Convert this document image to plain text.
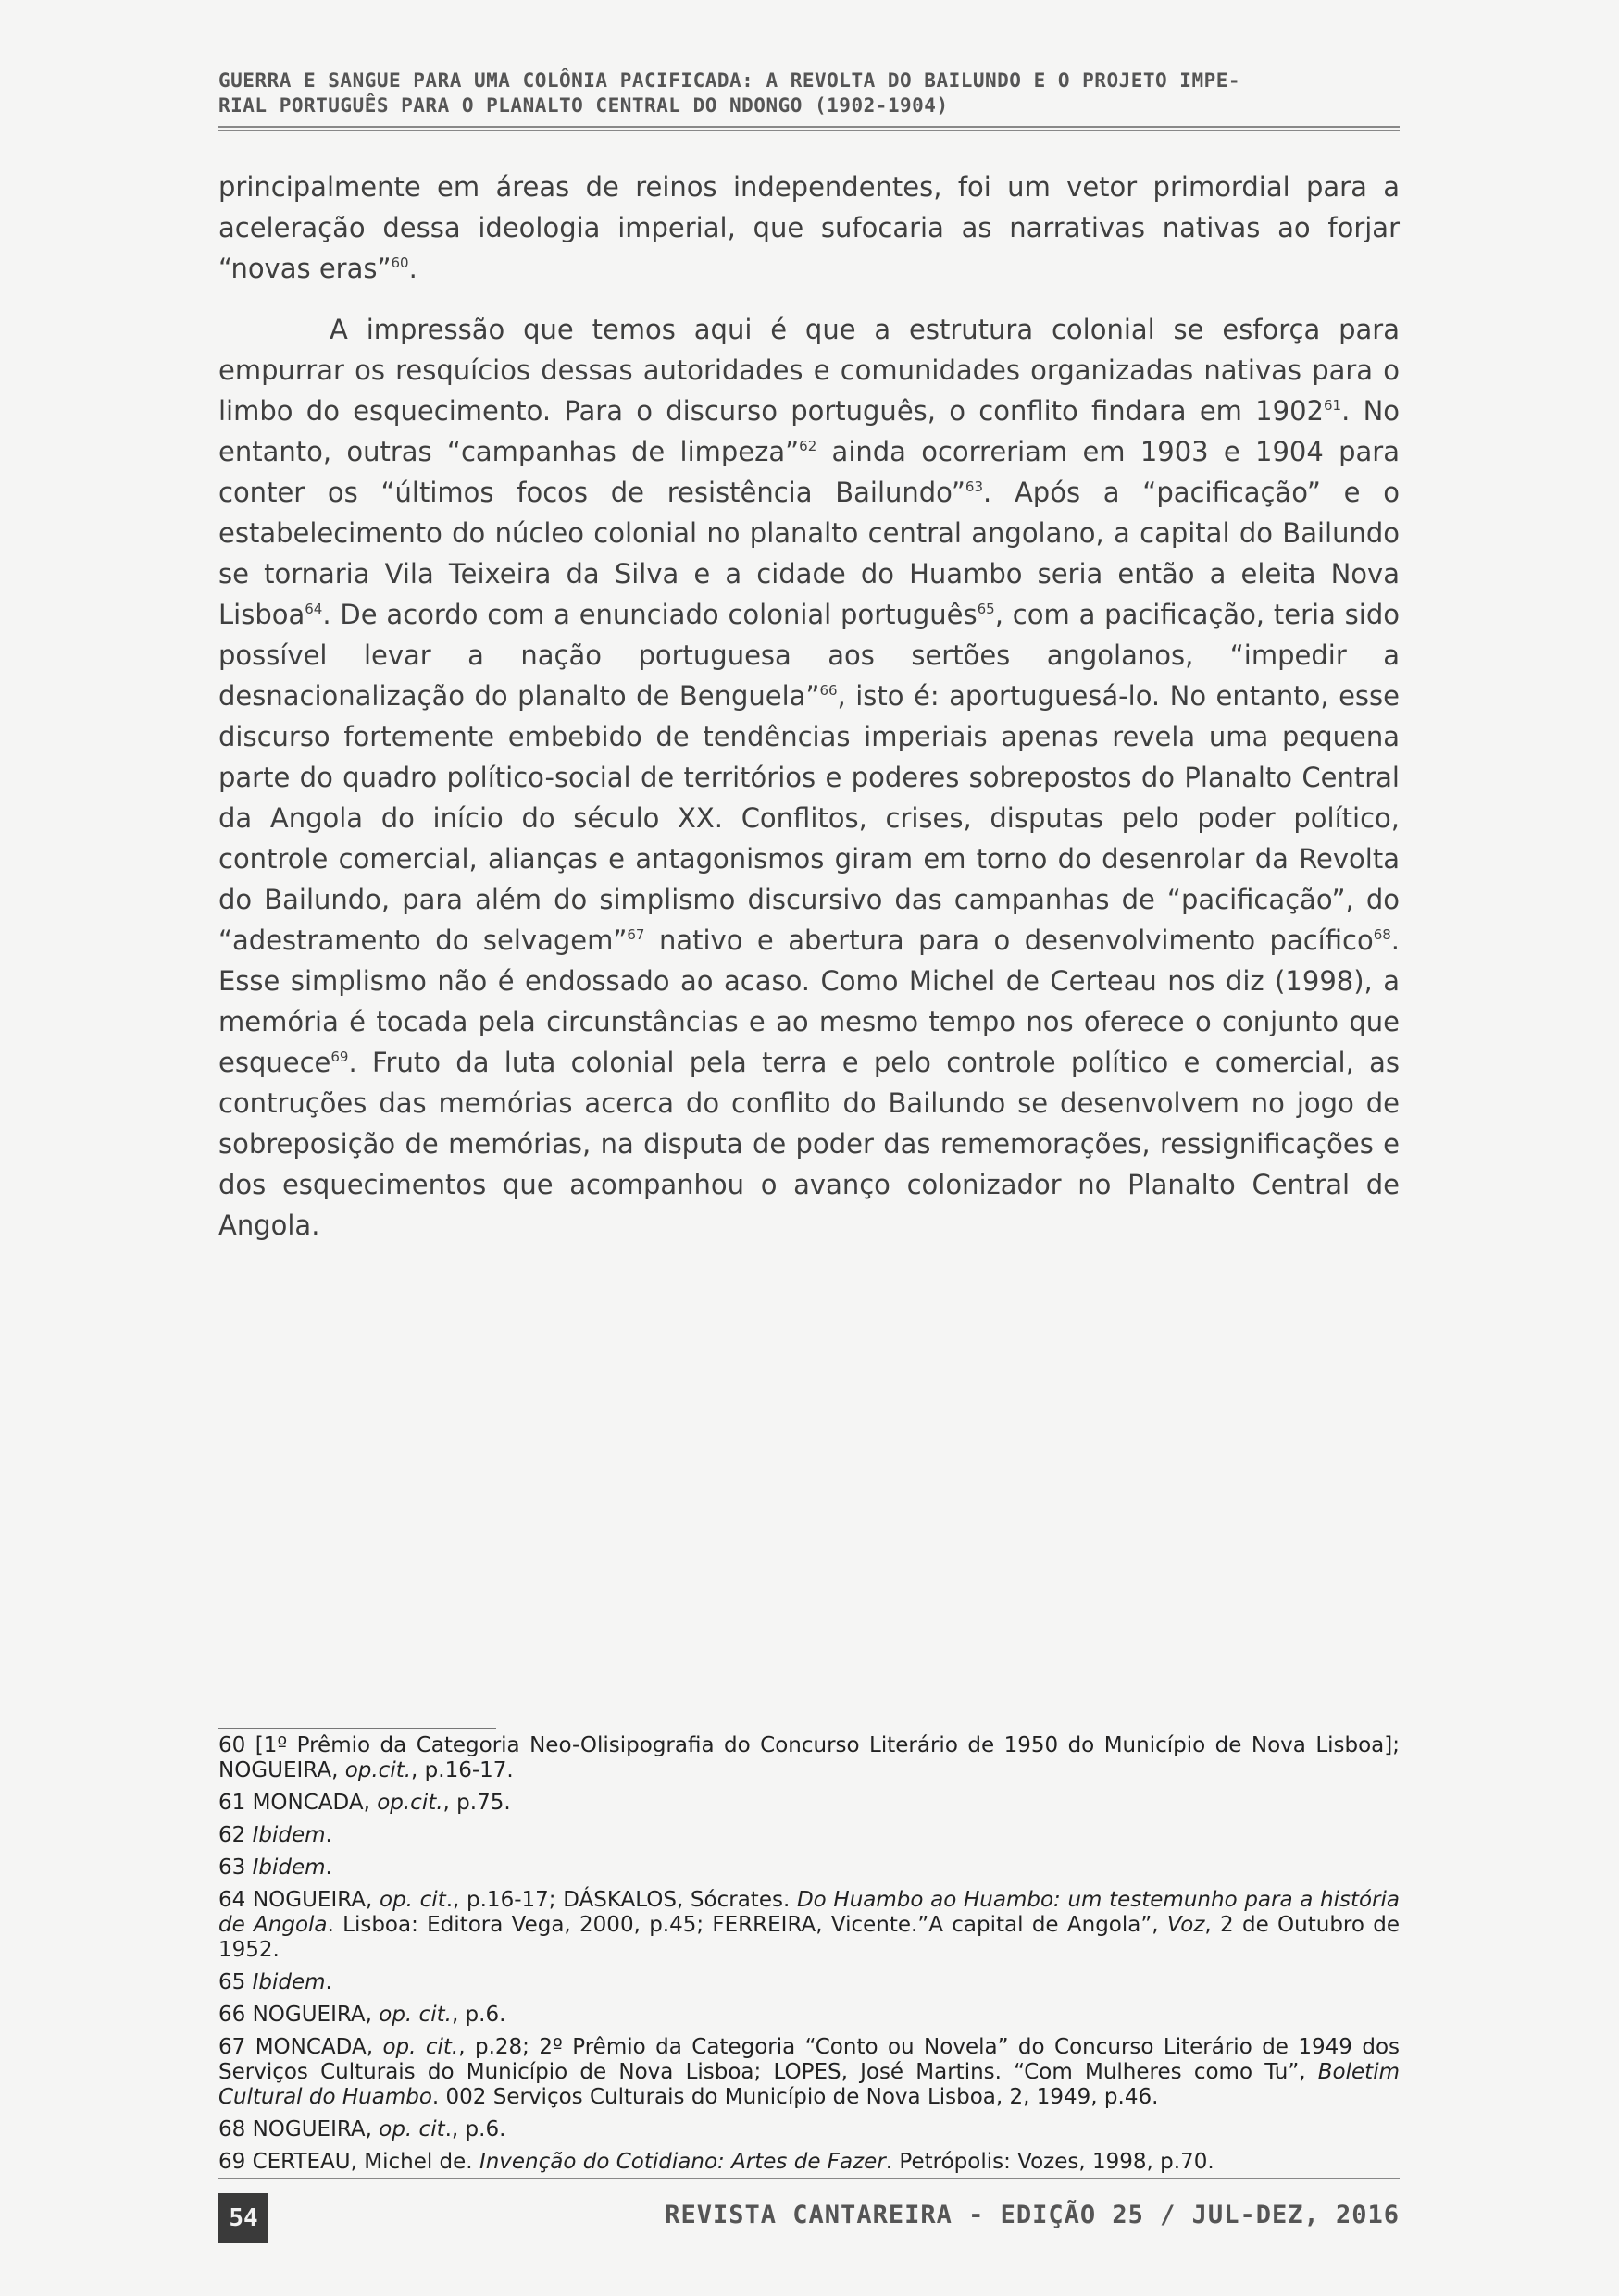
GUERRA E SANGUE PARA UMA COLÔNIA PACIFICADA: A REVOLTA DO BAILUNDO E O PROJETO IMPE-

RIAL PORTUGUÊS PARA O PLANALTO CENTRAL DO NDONGO (1902-1904)

principalmente em áreas de reinos independentes, foi um vetor primordial para a aceleração dessa ideologia imperial, que sufocaria as narrativas nativas ao forjar “novas eras”$^{60}$.

A impressão que temos aqui é que a estrutura colonial se esforça para empurrar os resquícios dessas autoridades e comunidades organizadas nativas para o limbo do esquecimento. Para o discurso português, o conflito findara em 1902$^{61}$. No entanto, outras “campanhas de limpeza”$^{62}$ ainda ocorreriam em 1903 e 1904 para conter os “últimos focos de resistência Bailundo”$^{63}$. Após a “pacificação” e o estabelecimento do núcleo colonial no planalto central angolano, a capital do Bailundo se tornaria Vila Teixeira da Silva e a cidade do Huambo seria então a eleita Nova Lisboa$^{64}$. De acordo com a enunciado colonial português$^{65}$, com a pacificação, teria sido possível levar a nação portuguesa aos sertões angolanos, “impedir a desnacionalização do planalto de Benguela”$^{66}$, isto é: aportuguesá-lo. No entanto, esse discurso fortemente embebido de tendências imperiais apenas revela uma pequena parte do quadro político-social de territórios e poderes sobrepostos do Planalto Central da Angola do início do século XX. Conflitos, crises, disputas pelo poder político, controle comercial, alianças e antagonismos giram em torno do desenrolar da Revolta do Bailundo, para além do simplismo discursivo das campanhas de “pacificação”, do “adestramento do selvagem”$^{67}$ nativo e abertura para o desenvolvimento pacífico$^{68}$. Esse simplismo não é endossado ao acaso. Como Michel de Certeau nos diz (1998), a memória é tocada pela circunstâncias e ao mesmo tempo nos oferece o conjunto que esquece$^{69}$. Fruto da luta colonial pela terra e pelo controle político e comercial, as contruções das memórias acerca do conflito do Bailundo se desenvolvem no jogo de sobreposição de memórias, na disputa de poder das rememorações, ressignificações e dos esquecimentos que acompanhou o avanço colonizador no Planalto Central de Angola.

60 [1º Prêmio da Categoria Neo-Olisipografia do Concurso Literário de 1950 do Município de Nova Lisboa]; NOGUEIRA, op.cit., p.16-17.

61 MONCADA, op.cit., p.75.

62 Ibidem.

63 Ibidem.

64 NOGUEIRA, op. cit., p.16-17; DÁSKALOS, Sócrates. Do Huambo ao Huambo: um testemunho para a história de Angola. Lisboa: Editora Vega, 2000, p.45; FERREIRA, Vicente.”A capital de Angola”, Voz, 2 de Outubro de 1952.

65 Ibidem.

66 NOGUEIRA, op. cit., p.6.

67 MONCADA, op. cit., p.28; 2º Prêmio da Categoria “Conto ou Novela” do Concurso Literário de 1949 dos Serviços Culturais do Município de Nova Lisboa; LOPES, José Martins. “Com Mulheres como Tu”, Boletim Cultural do Huambo. 002 Serviços Culturais do Município de Nova Lisboa, 2, 1949, p.46.

68 NOGUEIRA, op. cit., p.6.

69 CERTEAU, Michel de. Invenção do Cotidiano: Artes de Fazer. Petrópolis: Vozes, 1998, p.70.

54	REVISTA CANTAREIRA - EDIÇÃO 25 / JUL-DEZ, 2016
